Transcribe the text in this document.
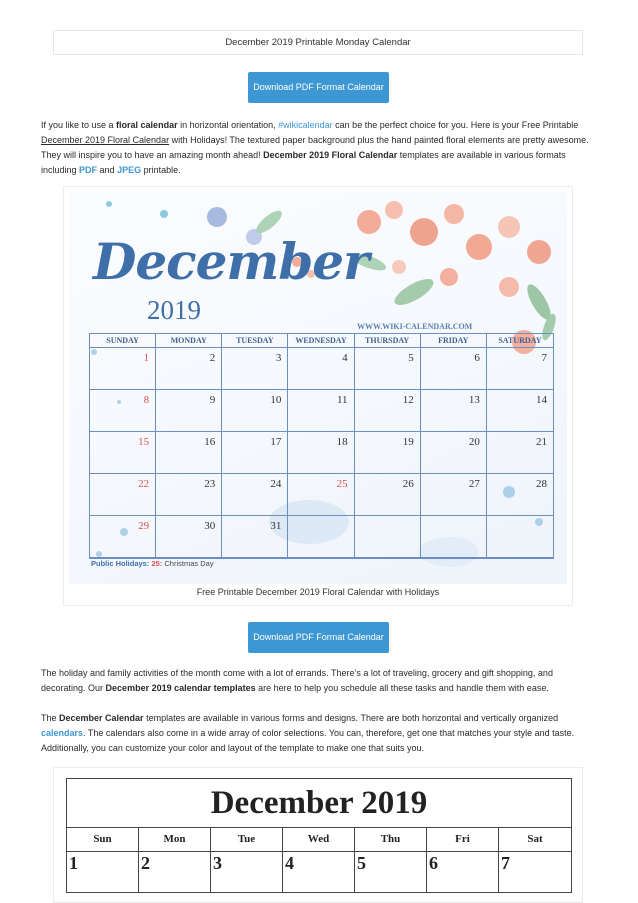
December 2019 Printable Monday Calendar
Download PDF Format Calendar

If you like to use a floral calendar in horizontal orientation, #wikicalendar can be the perfect choice for you. Here is your Free Printable December 2019 Floral Calendar with Holidays! The textured paper background plus the hand painted floral elements are pretty awesome. They will inspire you to have an amazing month ahead! December 2019 Floral Calendar templates are available in various formats including PDF and JPEG printable.

December
2019
WWW.WIKI-CALENDAR.COM
SUNDAY	MONDAY	TUESDAY	WEDNESDAY	THURSDAY	FRIDAY	SATURDAY
1	2	3	4	5	6	7
8	9	10	11	12	13	14
15	16	17	18	19	20	21
22	23	24	25	26	27	28
29	30	31
Public Holidays: 25: Christmas Day
Free Printable December 2019 Floral Calendar with Holidays
Download PDF Format Calendar

The holiday and family activities of the month come with a lot of errands. There’s a lot of traveling, grocery and gift shopping, and decorating. Our December 2019 calendar templates are here to help you schedule all these tasks and handle them with ease.

The December Calendar templates are available in various forms and designs. There are both horizontal and vertically organized calendars. The calendars also come in a wide array of color selections. You can, therefore, get one that matches your style and taste. Additionally, you can customize your color and layout of the template to make one that suits you.

December 2019
Sun	Mon	Tue	Wed	Thu	Fri	Sat
1	2	3	4	5	6	7
